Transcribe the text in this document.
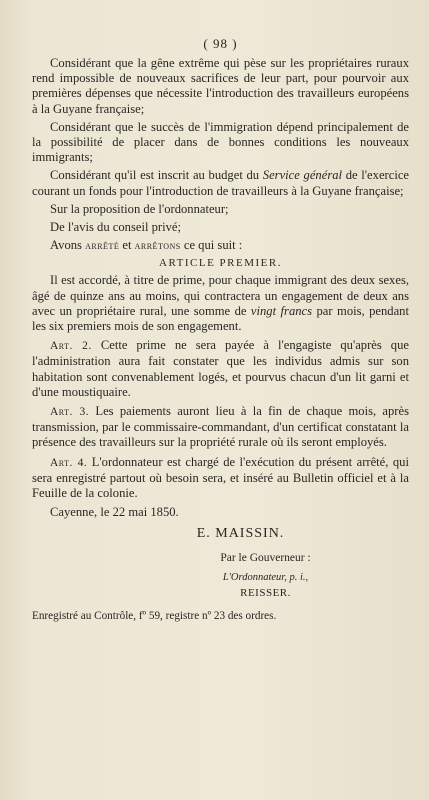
( 98 )

Considérant que la gêne extrême qui pèse sur les propriétaires ruraux rend impossible de nouveaux sacrifices de leur part, pour pourvoir aux premières dépenses que nécessite l'introduction des travailleurs européens à la Guyane française;

Considérant que le succès de l'immigration dépend principalement de la possibilité de placer dans de bonnes conditions les nouveaux immigrants;

Considérant qu'il est inscrit au budget du Service général de l'exercice courant un fonds pour l'introduction de travailleurs à la Guyane française;

Sur la proposition de l'ordonnateur;

De l'avis du conseil privé;

Avons arrêté et arrêtons ce qui suit :

ARTICLE PREMIER.

Il est accordé, à titre de prime, pour chaque immigrant des deux sexes, âgé de quinze ans au moins, qui contractera un engagement de deux ans avec un propriétaire rural, une somme de vingt francs par mois, pendant les six premiers mois de son engagement.

Art. 2. Cette prime ne sera payée à l'engagiste qu'après que l'administration aura fait constater que les individus admis sur son habitation sont convenablement logés, et pourvus chacun d'un lit garni et d'une moustiquaire.

Art. 3. Les paiements auront lieu à la fin de chaque mois, après transmission, par le commissaire-commandant, d'un certificat constatant la présence des travailleurs sur la propriété rurale où ils seront employés.

Art. 4. L'ordonnateur est chargé de l'exécution du présent arrêté, qui sera enregistré partout où besoin sera, et inséré au Bulletin officiel et à la Feuille de la colonie.

Cayenne, le 22 mai 1850.

E. MAISSIN.
Par le Gouverneur :
L'Ordonnateur, p. i.,
REISSER.

Enregistré au Contrôle, fº 59, registre nº 23 des ordres.
